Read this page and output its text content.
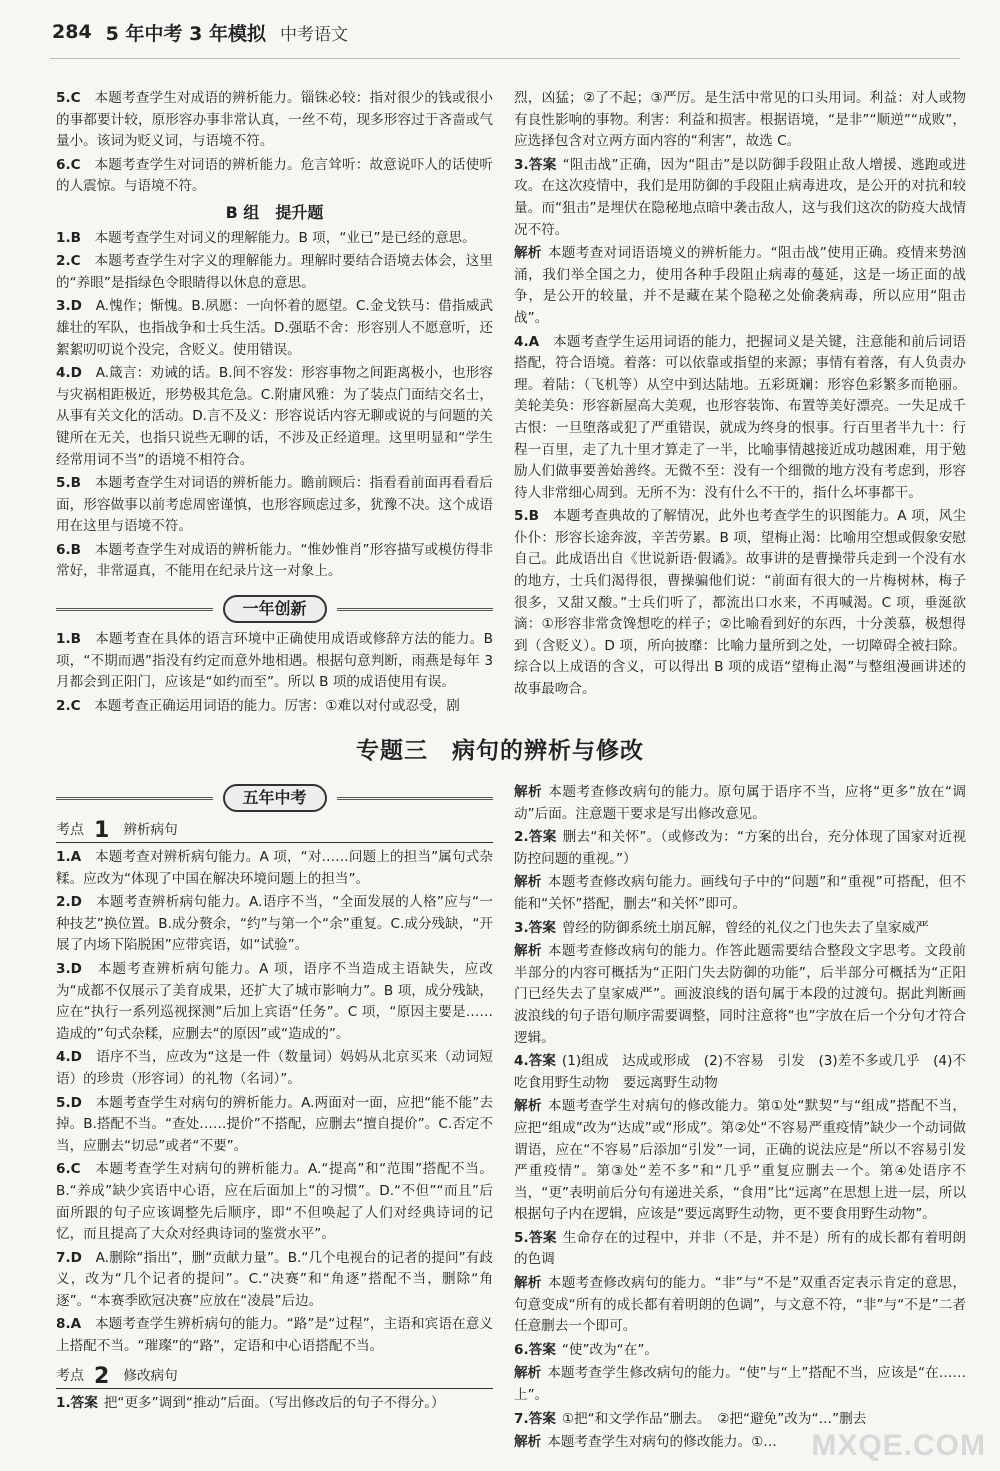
284 5 年中考 3 年模拟 中考语文

5.C　 本题考查学生对成语的辨析能力。锱铢必较：指对很少的钱或很小的事都要计较，原形容办事非常认真，一丝不苟，现多形容过于吝啬或气量小。该词为贬义词，与语境不符。

6.C　 本题考查学生对词语的辨析能力。危言耸听：故意说吓人的话使听的人震惊。与语境不符。

B 组　提升题

1.B　 本题考查学生对词义的理解能力。B 项，“业已”是已经的意思。

2.C　 本题考查学生对字义的理解能力。理解时要结合语境去体会，这里的“养眼”是指绿色令眼睛得以休息的意思。

3.D　 A.愧作；惭愧。B.夙愿：一向怀着的愿望。C.金戈铁马：借指威武雄壮的军队，也指战争和士兵生活。D.强聒不舍：形容别人不愿意听，还絮絮叨叨说个没完，含贬义。使用错误。

4.D　 A.箴言：劝诫的话。B.间不容发：形容事物之间距离极小，也形容与灾祸相距极近，形势极其危急。C.附庸风雅：为了装点门面结交名士，从事有关文化的活动。D.言不及义：形容说话内容无聊或说的与问题的关键所在无关，也指只说些无聊的话，不涉及正经道理。这里明显和“学生经常用词不当”的语境不相符合。

5.B　 本题考查学生对词语的辨析能力。瞻前顾后：指看看前面再看看后面，形容做事以前考虑周密谨慎，也形容顾虑过多，犹豫不决。这个成语用在这里与语境不符。

6.B　 本题考查学生对成语的辨析能力。“惟妙惟肖”形容描写或模仿得非常好，非常逼真，不能用在纪录片这一对象上。

一年创新

1.B　 本题考查在具体的语言环境中正确使用成语或修辞方法的能力。B 项，“不期而遇”指没有约定而意外地相遇。根据句意判断，雨燕是每年 3 月都会到正阳门，应该是“如约而至”。所以 B 项的成语使用有误。

2.C　 本题考查正确运用词语的能力。厉害：①难以对付或忍受，剧

烈，凶猛；②了不起；③严厉。是生活中常见的口头用词。利益：对人或物有良性影响的事物。利害：利益和损害。根据语境，“是非”“顺逆”“成败”，应选择包含对立两方面内容的“利害”，故选 C。

3.答案 “阻击战”正确，因为“阻击”是以防御手段阻止敌人增援、逃跑或进攻。在这次疫情中，我们是用防御的手段阻止病毒进攻，是公开的对抗和较量。而“狙击”是埋伏在隐秘地点暗中袭击敌人，这与我们这次的防疫大战情况不符。

解析 本题考查对词语语境义的辨析能力。“阻击战”使用正确。疫情来势汹涌，我们举全国之力，使用各种手段阻止病毒的蔓延，这是一场正面的战争，是公开的较量，并不是藏在某个隐秘之处偷袭病毒，所以应用“阻击战”。

4.A　 本题考查学生运用词语的能力，把握词义是关键，注意能和前后词语搭配，符合语境。着落：可以依靠或指望的来源；事情有着落，有人负责办理。着陆：（飞机等）从空中到达陆地。五彩斑斓：形容色彩繁多而艳丽。美轮美奂：形容新屋高大美观，也形容装饰、布置等美好漂亮。一失足成千古恨：一旦堕落或犯了严重错误，就成为终身的恨事。行百里者半九十：行程一百里，走了九十里才算走了一半，比喻事情越接近成功越困难，用于勉励人们做事要善始善终。无微不至：没有一个细微的地方没有考虑到，形容待人非常细心周到。无所不为：没有什么不干的，指什么坏事都干。

5.B　 本题考查典故的了解情况，此外也考查学生的识图能力。A 项，风尘仆仆：形容长途奔波，辛苦劳累。B 项，望梅止渴：比喻用空想或假象安慰自己。此成语出自《世说新语·假谲》。故事讲的是曹操带兵走到一个没有水的地方，士兵们渴得很，曹操骗他们说：“前面有很大的一片梅树林，梅子很多，又甜又酸。”士兵们听了，都流出口水来，不再喊渴。C 项，垂涎欲滴：①形容非常贪馋想吃的样子；②比喻看到好的东西，十分羡慕，极想得到（含贬义）。D 项，所向披靡：比喻力量所到之处，一切障碍全被扫除。综合以上成语的含义，可以得出 B 项的成语“望梅止渴”与整组漫画讲述的故事最吻合。

专题三　病句的辨析与修改
五年中考
考点 1 辨析病句

1.A　 本题考查对辨析病句能力。A 项，“对……问题上的担当”属句式杂糅。应改为“体现了中国在解决环境问题上的担当”。

2.D　 本题考查辨析病句能力。A.语序不当，“全面发展的人格”应与“一种技艺”换位置。B.成分赘余，“约”与第一个“余”重复。C.成分残缺，“开展了内场下陷脱困”应带宾语，如“试验”。

3.D　 本题考查辨析病句能力。A 项，语序不当造成主语缺失，应改为“成都不仅展示了美育成果，还扩大了城市影响力”。B 项，成分残缺，应在“执行一系列巡视探测”后加上宾语“任务”。C 项，“原因主要是……造成的”句式杂糅，应删去“的原因”或“造成的”。

4.D　 语序不当，应改为“这是一件（数量词）妈妈从北京买来（动词短语）的珍贵（形容词）的礼物（名词）”。

5.D　 本题考查学生对病句的辨析能力。A.两面对一面，应把“能不能”去掉。B.搭配不当。“查处……提价”不搭配，应删去“擅自提价”。C.否定不当，应删去“切忌”或者“不要”。

6.C　 本题考查学生对病句的辨析能力。A.“提高”和“范围”搭配不当。B.“养成”缺少宾语中心语，应在后面加上“的习惯”。D.“不但”“而且”后面所跟的句子应该调整先后顺序，即“不但唤起了人们对经典诗词的记忆，而且提高了大众对经典诗词的鉴赏水平”。

7.D　 A.删除“指出”，删“贡献力量”。B.“几个电视台的记者的提问”有歧义，改为“几个记者的提问”。C.“决赛”和“角逐”搭配不当，删除“角逐”。“本赛季欧冠决赛”应放在“凌晨”后边。

8.A　 本题考查学生辨析病句的能力。“路”是“过程”，主语和宾语在意义上搭配不当。“璀璨”的“路”，定语和中心语搭配不当。

考点 2 修改病句

1.答案 把“更多”调到“推动”后面。（写出修改后的句子不得分。）

解析 本题考查修改病句的能力。原句属于语序不当，应将“更多”放在“调动”后面。注意题干要求是写出修改意见。

2.答案 删去“和关怀”。（或修改为：“方案的出台，充分体现了国家对近视防控问题的重视。”）

解析 本题考查修改病句能力。画线句子中的“问题”和“重视”可搭配，但不能和“关怀”搭配，删去“和关怀”即可。

3.答案 曾经的防御系统土崩瓦解，曾经的礼仪之门也失去了皇家威严

解析 本题考查修改病句的能力。作答此题需要结合整段文字思考。文段前半部分的内容可概括为“正阳门失去防御的功能”，后半部分可概括为“正阳门已经失去了皇家威严”。画波浪线的语句属于本段的过渡句。据此判断画波浪线的句子语句顺序需要调整，同时注意将“也”字放在后一个分句才符合逻辑。

4.答案 (1)组成　达成或形成　(2)不容易　引发　(3)差不多或几乎　(4)不吃食用野生动物　要远离野生动物

解析 本题考查学生对病句的修改能力。第①处“默契”与“组成”搭配不当，应把“组成”改为“达成”或“形成”。第②处“不容易严重疫情”缺少一个动词做谓语，应在“不容易”后添加“引发”一词，正确的说法应是“所以不容易引发严重疫情”。第③处“差不多”和“几乎”重复应删去一个。第④处语序不当，“更”表明前后分句有递进关系，“食用”比“远离”在思想上进一层，所以根据句子内在逻辑，应该是“要远离野生动物，更不要食用野生动物”。

5.答案 生命存在的过程中，并非（不是，并不是）所有的成长都有着明朗的色调

解析 本题考查修改病句的能力。“非”与“不是”双重否定表示肯定的意思，句意变成“所有的成长都有着明朗的色调”，与文意不符，“非”与“不是”二者任意删去一个即可。

6.答案 “使”改为“在”。

解析 本题考查学生修改病句的能力。“使”与“上”搭配不当，应该是“在……上”。

7.答案 ①把“和文学作品”删去。　②把“避免”改为“…”删去

解析 本题考查学生对病句的修改能力。①…	MXQE.COM
